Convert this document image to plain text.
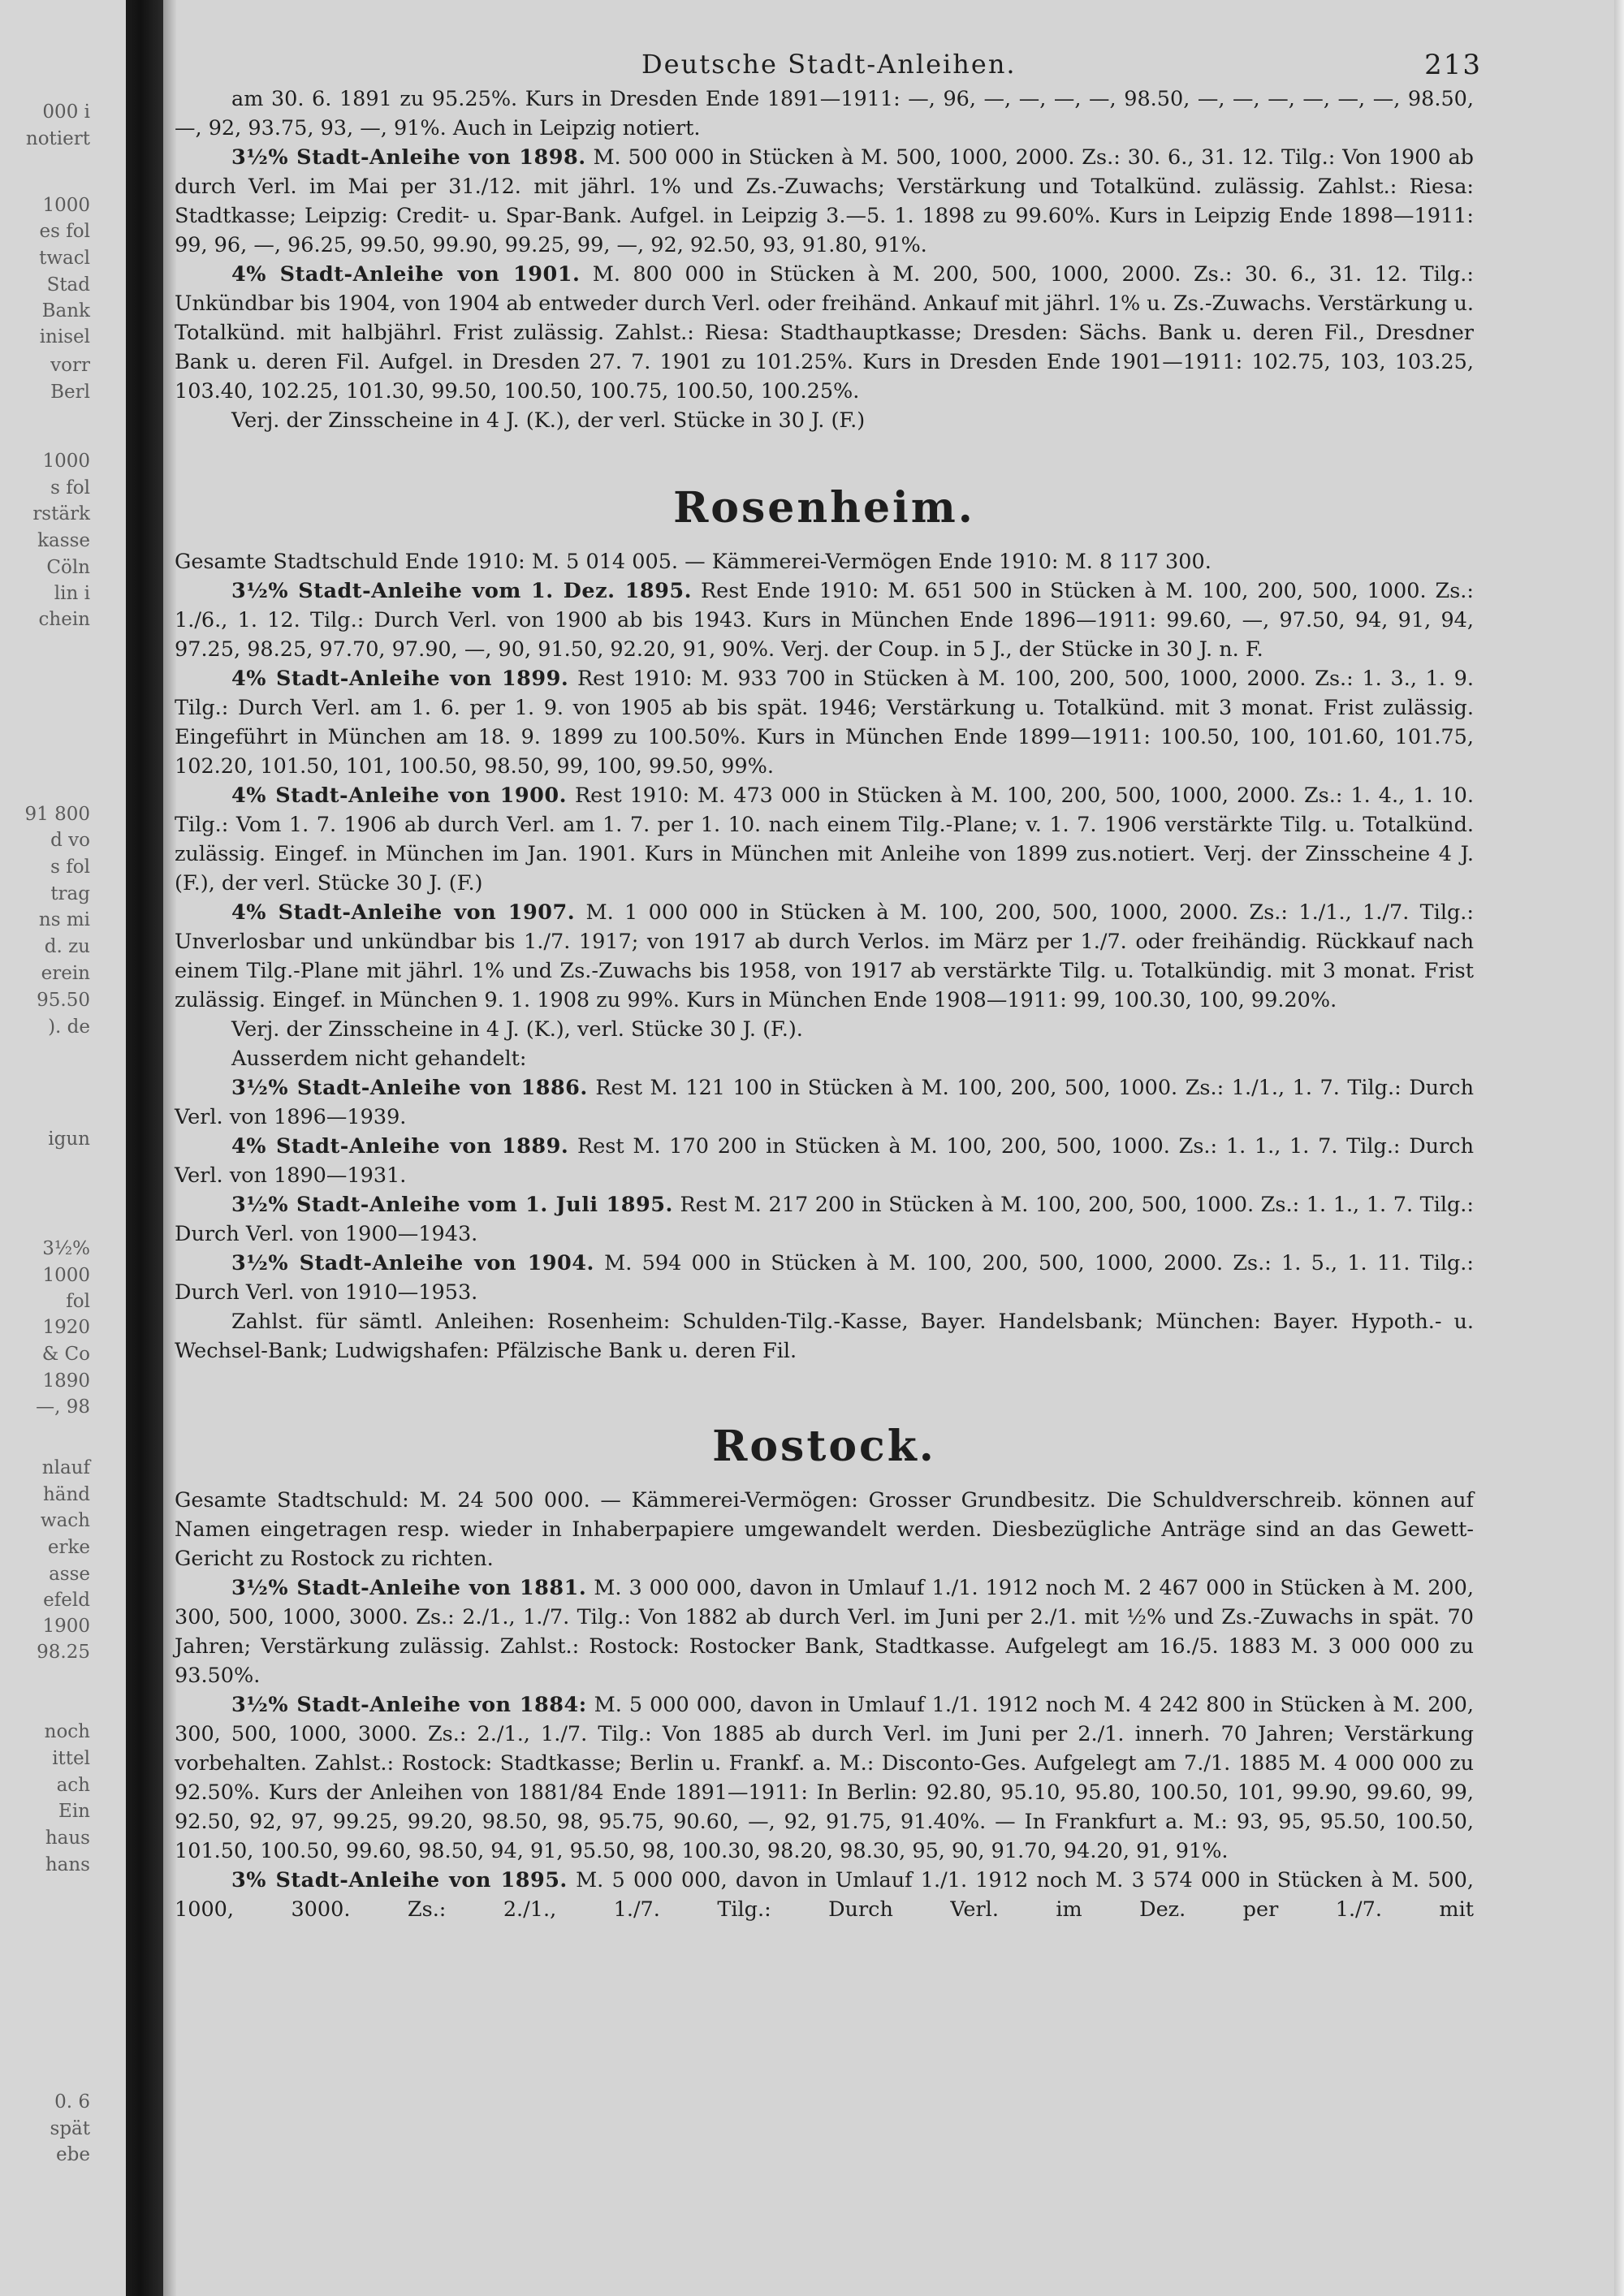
000 i
notiert
1000
es fol
twacl
Stad
Bank
inisel
vorr
Berl
1000
s fol
rstärk
kasse
Cöln
lin i
chein
91 800
d vo
s fol
trag
ns mi
d. zu
erein
95.50
). de
igun
3½%
1000
fol
1920
& Co
1890
—, 98
nlauf
händ
wach
erke
asse
efeld
1900
98.25
noch
ittel
ach
Ein
haus
hans
0. 6
spät
ebe
Deutsche Stadt-Anleihen.	213

am 30. 6. 1891 zu 95.25%. Kurs in Dresden Ende 1891—1911: —, 96, —, —, —, —, 98.50, —, —, —, —, —, —, 98.50, —, 92, 93.75, 93, —, 91%. Auch in Leipzig notiert.

3½% Stadt-Anleihe von 1898. M. 500 000 in Stücken à M. 500, 1000, 2000. Zs.: 30. 6., 31. 12. Tilg.: Von 1900 ab durch Verl. im Mai per 31./12. mit jährl. 1% und Zs.-Zuwachs; Verstärkung und Totalkünd. zulässig. Zahlst.: Riesa: Stadtkasse; Leipzig: Credit- u. Spar-Bank. Aufgel. in Leipzig 3.—5. 1. 1898 zu 99.60%. Kurs in Leipzig Ende 1898—1911: 99, 96, —, 96.25, 99.50, 99.90, 99.25, 99, —, 92, 92.50, 93, 91.80, 91%.

4% Stadt-Anleihe von 1901. M. 800 000 in Stücken à M. 200, 500, 1000, 2000. Zs.: 30. 6., 31. 12. Tilg.: Unkündbar bis 1904, von 1904 ab entweder durch Verl. oder freihänd. Ankauf mit jährl. 1% u. Zs.-Zuwachs. Verstärkung u. Totalkünd. mit halbjährl. Frist zulässig. Zahlst.: Riesa: Stadthauptkasse; Dresden: Sächs. Bank u. deren Fil., Dresdner Bank u. deren Fil. Aufgel. in Dresden 27. 7. 1901 zu 101.25%. Kurs in Dresden Ende 1901—1911: 102.75, 103, 103.25, 103.40, 102.25, 101.30, 99.50, 100.50, 100.75, 100.50, 100.25%.

Verj. der Zinsscheine in 4 J. (K.), der verl. Stücke in 30 J. (F.)

Rosenheim.

Gesamte Stadtschuld Ende 1910: M. 5 014 005. — Kämmerei-Vermögen Ende 1910: M. 8 117 300.

3½% Stadt-Anleihe vom 1. Dez. 1895. Rest Ende 1910: M. 651 500 in Stücken à M. 100, 200, 500, 1000. Zs.: 1./6., 1. 12. Tilg.: Durch Verl. von 1900 ab bis 1943. Kurs in München Ende 1896—1911: 99.60, —, 97.50, 94, 91, 94, 97.25, 98.25, 97.70, 97.90, —, 90, 91.50, 92.20, 91, 90%. Verj. der Coup. in 5 J., der Stücke in 30 J. n. F.

4% Stadt-Anleihe von 1899. Rest 1910: M. 933 700 in Stücken à M. 100, 200, 500, 1000, 2000. Zs.: 1. 3., 1. 9. Tilg.: Durch Verl. am 1. 6. per 1. 9. von 1905 ab bis spät. 1946; Verstärkung u. Totalkünd. mit 3 monat. Frist zulässig. Eingeführt in München am 18. 9. 1899 zu 100.50%. Kurs in München Ende 1899—1911: 100.50, 100, 101.60, 101.75, 102.20, 101.50, 101, 100.50, 98.50, 99, 100, 99.50, 99%.

4% Stadt-Anleihe von 1900. Rest 1910: M. 473 000 in Stücken à M. 100, 200, 500, 1000, 2000. Zs.: 1. 4., 1. 10. Tilg.: Vom 1. 7. 1906 ab durch Verl. am 1. 7. per 1. 10. nach einem Tilg.-Plane; v. 1. 7. 1906 verstärkte Tilg. u. Totalkünd. zulässig. Eingef. in München im Jan. 1901. Kurs in München mit Anleihe von 1899 zus.notiert. Verj. der Zinsscheine 4 J. (F.), der verl. Stücke 30 J. (F.)

4% Stadt-Anleihe von 1907. M. 1 000 000 in Stücken à M. 100, 200, 500, 1000, 2000. Zs.: 1./1., 1./7. Tilg.: Unverlosbar und unkündbar bis 1./7. 1917; von 1917 ab durch Verlos. im März per 1./7. oder freihändig. Rückkauf nach einem Tilg.-Plane mit jährl. 1% und Zs.-Zuwachs bis 1958, von 1917 ab verstärkte Tilg. u. Totalkündig. mit 3 monat. Frist zulässig. Eingef. in München 9. 1. 1908 zu 99%. Kurs in München Ende 1908—1911: 99, 100.30, 100, 99.20%.

Verj. der Zinsscheine in 4 J. (K.), verl. Stücke 30 J. (F.).

Ausserdem nicht gehandelt:

3½% Stadt-Anleihe von 1886. Rest M. 121 100 in Stücken à M. 100, 200, 500, 1000. Zs.: 1./1., 1. 7. Tilg.: Durch Verl. von 1896—1939.

4% Stadt-Anleihe von 1889. Rest M. 170 200 in Stücken à M. 100, 200, 500, 1000. Zs.: 1. 1., 1. 7. Tilg.: Durch Verl. von 1890—1931.

3½% Stadt-Anleihe vom 1. Juli 1895. Rest M. 217 200 in Stücken à M. 100, 200, 500, 1000. Zs.: 1. 1., 1. 7. Tilg.: Durch Verl. von 1900—1943.

3½% Stadt-Anleihe von 1904. M. 594 000 in Stücken à M. 100, 200, 500, 1000, 2000. Zs.: 1. 5., 1. 11. Tilg.: Durch Verl. von 1910—1953.

Zahlst. für sämtl. Anleihen: Rosenheim: Schulden-Tilg.-Kasse, Bayer. Handelsbank; München: Bayer. Hypoth.- u. Wechsel-Bank; Ludwigshafen: Pfälzische Bank u. deren Fil.

Rostock.

Gesamte Stadtschuld: M. 24 500 000. — Kämmerei-Vermögen: Grosser Grundbesitz. Die Schuldverschreib. können auf Namen eingetragen resp. wieder in Inhaberpapiere umgewandelt werden. Diesbezügliche Anträge sind an das Gewett-Gericht zu Rostock zu richten.

3½% Stadt-Anleihe von 1881. M. 3 000 000, davon in Umlauf 1./1. 1912 noch M. 2 467 000 in Stücken à M. 200, 300, 500, 1000, 3000. Zs.: 2./1., 1./7. Tilg.: Von 1882 ab durch Verl. im Juni per 2./1. mit ½% und Zs.-Zuwachs in spät. 70 Jahren; Verstärkung zulässig. Zahlst.: Rostock: Rostocker Bank, Stadtkasse. Aufgelegt am 16./5. 1883 M. 3 000 000 zu 93.50%.

3½% Stadt-Anleihe von 1884: M. 5 000 000, davon in Umlauf 1./1. 1912 noch M. 4 242 800 in Stücken à M. 200, 300, 500, 1000, 3000. Zs.: 2./1., 1./7. Tilg.: Von 1885 ab durch Verl. im Juni per 2./1. innerh. 70 Jahren; Verstärkung vorbehalten. Zahlst.: Rostock: Stadtkasse; Berlin u. Frankf. a. M.: Disconto-Ges. Aufgelegt am 7./1. 1885 M. 4 000 000 zu 92.50%. Kurs der Anleihen von 1881/84 Ende 1891—1911: In Berlin: 92.80, 95.10, 95.80, 100.50, 101, 99.90, 99.60, 99, 92.50, 92, 97, 99.25, 99.20, 98.50, 98, 95.75, 90.60, —, 92, 91.75, 91.40%. — In Frankfurt a. M.: 93, 95, 95.50, 100.50, 101.50, 100.50, 99.60, 98.50, 94, 91, 95.50, 98, 100.30, 98.20, 98.30, 95, 90, 91.70, 94.20, 91, 91%.

3% Stadt-Anleihe von 1895. M. 5 000 000, davon in Umlauf 1./1. 1912 noch M. 3 574 000 in Stücken à M. 500, 1000, 3000. Zs.: 2./1., 1./7. Tilg.: Durch Verl. im Dez. per 1./7. mit
